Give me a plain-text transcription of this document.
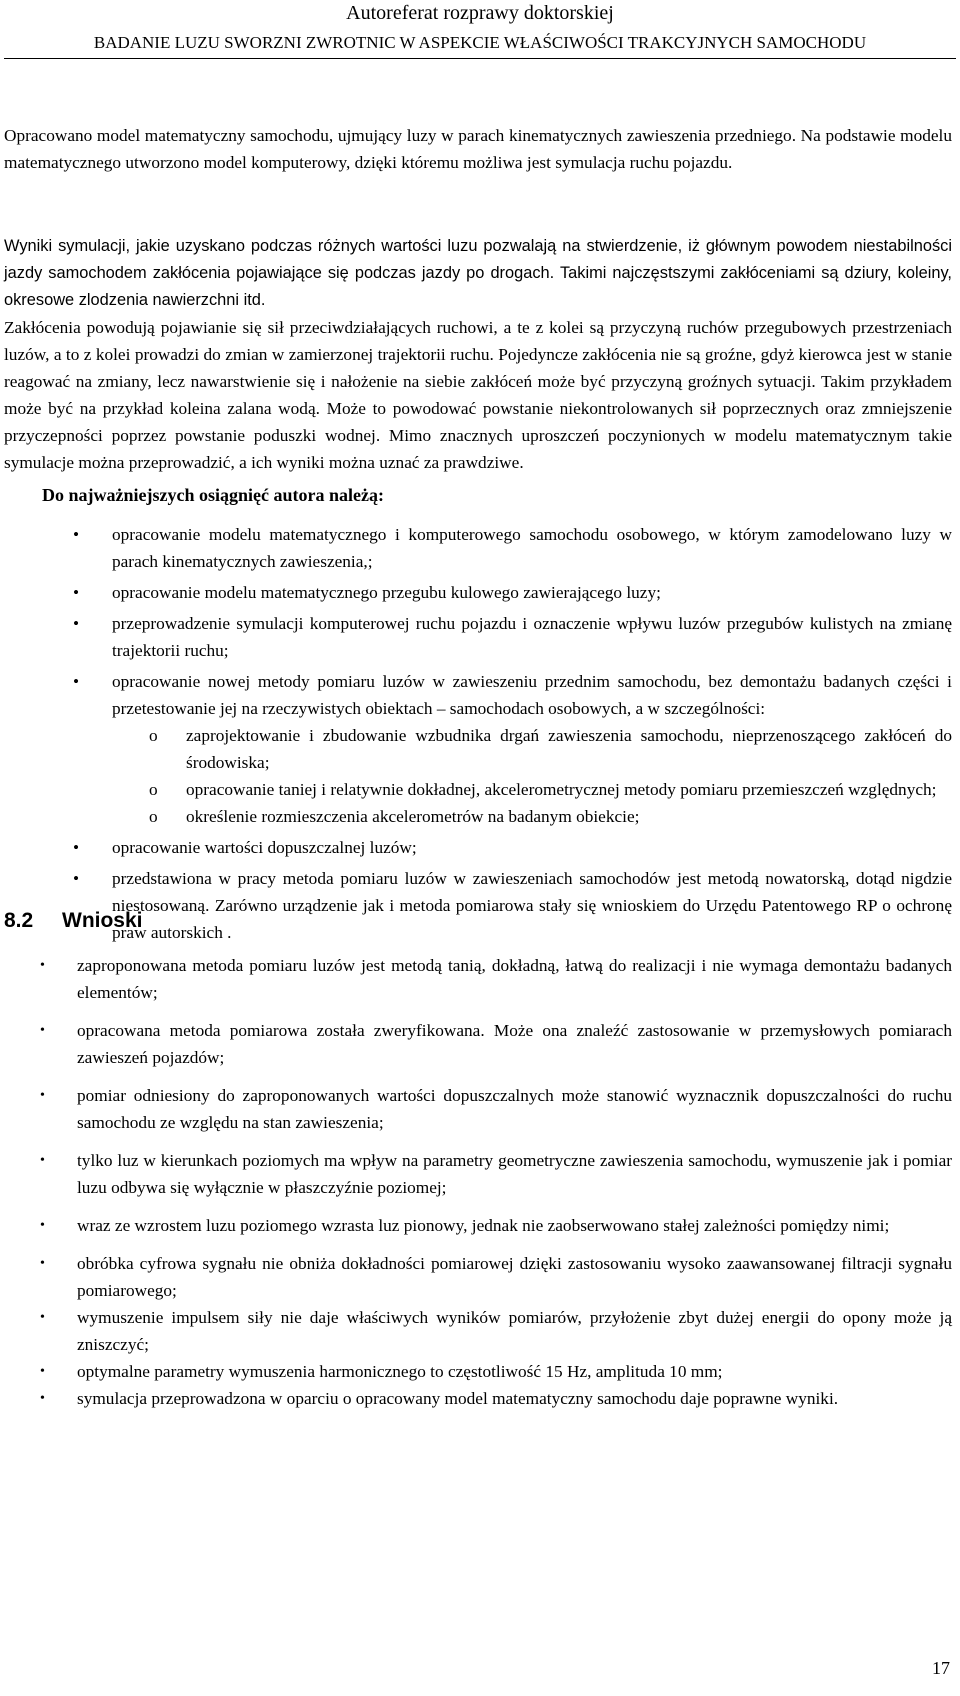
Autoreferat rozprawy doktorskiej
BADANIE LUZU SWORZNI ZWROTNIC W ASPEKCIE WŁAŚCIWOŚCI TRAKCYJNYCH SAMOCHODU

Opracowano model matematyczny samochodu, ujmujący luzy w parach kinematycznych zawieszenia przedniego. Na podstawie modelu matematycznego utworzono model komputerowy, dzięki któremu możliwa jest symulacja ruchu pojazdu.

Wyniki symulacji, jakie uzyskano podczas różnych wartości luzu pozwalają na stwierdzenie, iż głównym powodem niestabilności jazdy samochodem zakłócenia pojawiające się podczas jazdy po drogach. Takimi najczęstszymi zakłóceniami są dziury, koleiny, okresowe zlodzenia nawierzchni itd.

Zakłócenia powodują pojawianie się sił przeciwdziałających ruchowi, a te z kolei są przyczyną ruchów przegubowych przestrzeniach luzów, a to z kolei prowadzi do zmian w zamierzonej trajektorii ruchu. Pojedyncze zakłócenia nie są groźne, gdyż kierowca jest w stanie reagować na zmiany, lecz nawarstwienie się i nałożenie na siebie zakłóceń może być przyczyną groźnych sytuacji. Takim przykładem może być na przykład koleina zalana wodą. Może to powodować powstanie niekontrolowanych sił poprzecznych oraz zmniejszenie przyczepności poprzez powstanie poduszki wodnej. Mimo znacznych uproszczeń poczynionych w modelu matematycznym takie symulacje można przeprowadzić, a ich wyniki można uznać za prawdziwe.

Do najważniejszych osiągnięć autora należą:
• opracowanie modelu matematycznego i komputerowego samochodu osobowego, w którym zamodelowano luzy w parach kinematycznych zawieszenia,;
• opracowanie modelu matematycznego przegubu kulowego zawierającego luzy;
• przeprowadzenie symulacji komputerowej ruchu pojazdu i oznaczenie wpływu luzów przegubów kulistych na zmianę trajektorii ruchu;
• opracowanie nowej metody pomiaru luzów w zawieszeniu przednim samochodu, bez demontażu badanych części i przetestowanie jej na rzeczywistych obiektach – samochodach osobowych, a w szczególności:
o zaprojektowanie i zbudowanie wzbudnika drgań zawieszenia samochodu, nieprzenoszącego zakłóceń do środowiska;
o opracowanie taniej i relatywnie dokładnej, akcelerometrycznej metody pomiaru przemieszczeń względnych;
o określenie rozmieszczenia akcelerometrów na badanym obiekcie;
• opracowanie wartości dopuszczalnej luzów;
• przedstawiona w pracy metoda pomiaru luzów w zawieszeniach samochodów jest metodą nowatorską, dotąd nigdzie niestosowaną. Zarówno urządzenie jak i metoda pomiarowa stały się wnioskiem do Urzędu Patentowego RP o ochronę praw autorskich .
8.2 Wnioski
• zaproponowana metoda pomiaru luzów jest metodą tanią, dokładną, łatwą do realizacji i nie wymaga demontażu badanych elementów;
• opracowana metoda pomiarowa została zweryfikowana. Może ona znaleźć zastosowanie w przemysłowych pomiarach zawieszeń pojazdów;
• pomiar odniesiony do zaproponowanych wartości dopuszczalnych może stanowić wyznacznik dopuszczalności do ruchu samochodu ze względu na stan zawieszenia;
• tylko luz w kierunkach poziomych ma wpływ na parametry geometryczne zawieszenia samochodu, wymuszenie jak i pomiar luzu odbywa się wyłącznie w płaszczyźnie poziomej;
• wraz ze wzrostem luzu poziomego wzrasta luz pionowy, jednak nie zaobserwowano stałej zależności pomiędzy nimi;
• obróbka cyfrowa sygnału nie obniża dokładności pomiarowej dzięki zastosowaniu wysoko zaawansowanej filtracji sygnału pomiarowego;
• wymuszenie impulsem siły nie daje właściwych wyników pomiarów, przyłożenie zbyt dużej energii do opony może ją zniszczyć;
• optymalne parametry wymuszenia harmonicznego to częstotliwość 15 Hz, amplituda 10 mm;
• symulacja przeprowadzona w oparciu o opracowany model matematyczny samochodu daje poprawne wyniki.
17
